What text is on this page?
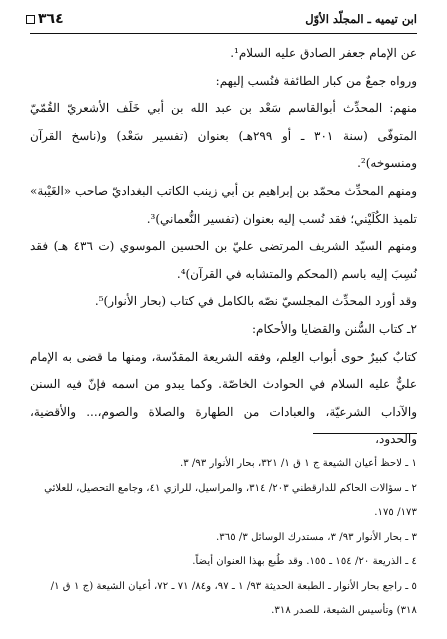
٣٦٤	ابن تيميه ـ المجلّد الأوّل

عن الإمام جعفر الصادق عليه السلام¹.

ورواه جمعٌ من كبار الطائفة فنُسب إليهم:

منهم: المحدِّث أبوالقاسم سَعْد بن عبد الله بن أبي خَلَف الأشعريّ القُمّيّ المتوفّى (سنة ٣٠١ ـ أو ٢٩٩هـ) بعنوان (تفسير سَعْد) و(ناسخ القرآن ومنسوخه)².

ومنهم المحدِّث محمّد بن إبراهيم بن أبي زينب الكاتب البغداديّ صاحب «الغَيْبة» تلميذ الكُلَيْني؛ فقد نُسب إليه بعنوان (تفسير النُّعماني)³.

ومنهم السيّد الشريف المرتضى عليّ بن الحسين الموسوي (ت ٤٣٦ هـ) فقد نُسِبَ إليه باسم (المحكم والمتشابه في القرآن)⁴.

وقد أورد المحدِّث المجلسيّ نصّه بالكامل في كتاب (بحار الأنوار)⁵.

٢ـ كتاب السُّنن والقضايا والأحكام:

كتابٌ كبيرٌ حوى أبواب العِلم، وفقه الشريعة المقدّسة، ومنها ما قضى به الإمام عليٌّ عليه السلام في الحوادث الخاصّة. وكما يبدو من اسمه فإنّ فيه السنن والآداب الشرعيّة، والعبادات من الطهارة والصلاة والصوم،... والأقضية، والحدود،

١ ـ لاحظ أعيان الشيعة ج ١ ق ١/ ٣٢١، بحار الأنوار ٩٣/ ٣.

٢ ـ سؤالات الحاكم للدارقطني ٢٠٣/ ٣١٤، والمراسيل، للرازي ٤١، وجامع التحصيل، للعلائي ١٧٣/ ١٧٥.

٣ ـ بحار الأنوار ٩٣/ ٣، مستدرك الوسائل ٣/ ٣٦٥.

٤ ـ الذريعة ٢٠/ ١٥٤ ـ ١٥٥. وقد طُبع بهذا العنوان أيضاً.

٥ ـ راجع بحار الأنوار ـ الطبعة الحديثة ٩٣/ ١ ـ ٩٧، و٨٤/ ٧١ ـ ٧٢، أعيان الشيعة (ج ١ ق ١/ ٣١٨) وتأسيس الشيعة، للصدر ٣١٨.
